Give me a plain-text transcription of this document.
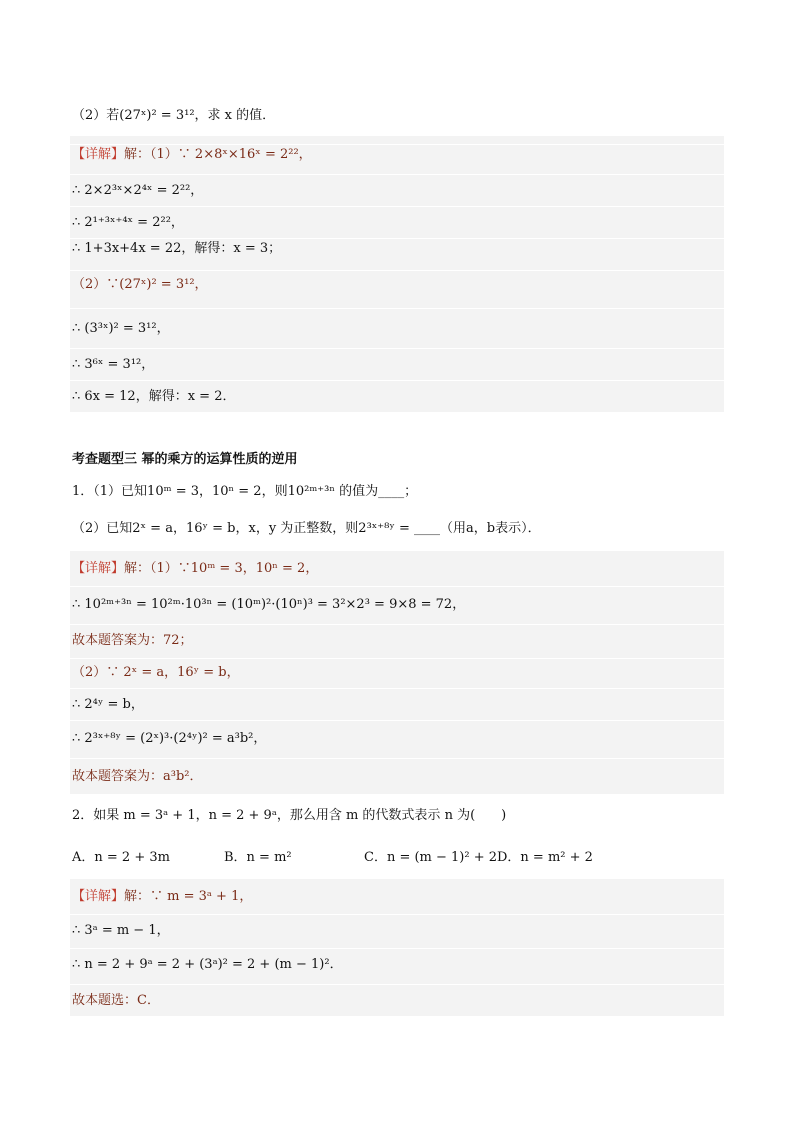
（2）若(27ˣ)² = 3¹²，求 x 的值．
【详解】解：（1）∵ 2×8ˣ×16ˣ = 2²²，
∴ 2×2³ˣ×2⁴ˣ = 2²²，
∴ 2¹⁺³ˣ⁺⁴ˣ = 2²²，
∴ 1+3x+4x = 22，解得：x = 3；
（2）∵(27ˣ)² = 3¹²，
∴ (3³ˣ)² = 3¹²，
∴ 3⁶ˣ = 3¹²，
∴ 6x = 12，解得：x = 2．
考查题型三 幂的乘方的运算性质的逆用
1．（1）已知10ᵐ = 3，10ⁿ = 2，则10²ᵐ⁺³ⁿ 的值为____；
（2）已知2ˣ = a，16ʸ = b，x，y 为正整数，则2³ˣ⁺⁸ʸ = ____（用a，b表示）．
【详解】解：（1）∵10ᵐ = 3，10ⁿ = 2，
∴ 10²ᵐ⁺³ⁿ = 10²ᵐ·10³ⁿ = (10ᵐ)²·(10ⁿ)³ = 3²×2³ = 9×8 = 72，
故本题答案为：72；
（2）∵ 2ˣ = a，16ʸ = b，
∴ 2⁴ʸ = b，
∴ 2³ˣ⁺⁸ʸ = (2ˣ)³·(2⁴ʸ)² = a³b²，
故本题答案为：a³b²．
2．如果 m = 3ᵃ + 1，n = 2 + 9ᵃ，那么用含 m 的代数式表示 n 为(　　)
A．n = 2 + 3m	B．n = m²	C．n = (m − 1)² + 2 D．n = m² + 2
【详解】解：∵ m = 3ᵃ + 1，
∴ 3ᵃ = m − 1，
∴ n = 2 + 9ᵃ = 2 + (3ᵃ)² = 2 + (m − 1)²．
故本题选：C．
